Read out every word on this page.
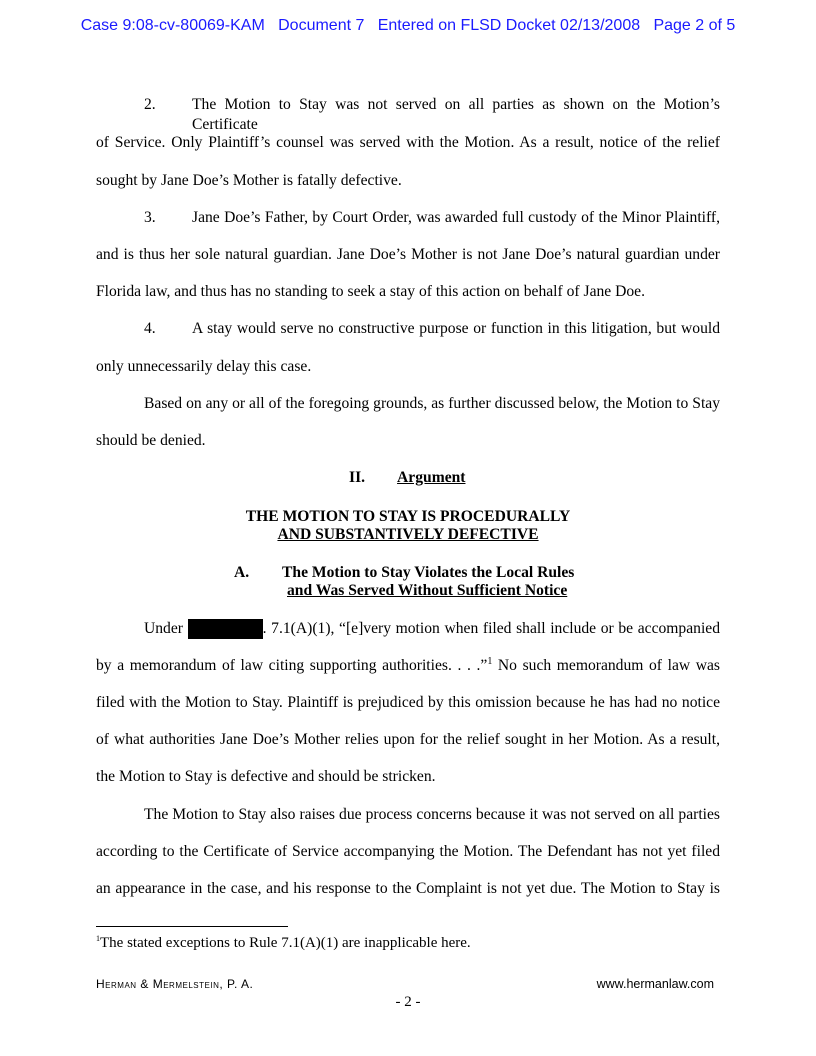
Case 9:08-cv-80069-KAM   Document 7   Entered on FLSD Docket 02/13/2008   Page 2 of 5
2.	The Motion to Stay was not served on all parties as shown on the Motion’s Certificate
of Service. Only Plaintiff’s counsel was served with the Motion. As a result, notice of the relief
sought by Jane Doe’s Mother is fatally defective.
3.	Jane Doe’s Father, by Court Order, was awarded full custody of the Minor Plaintiff,
and is thus her sole natural guardian. Jane Doe’s Mother is not Jane Doe’s natural guardian under
Florida law, and thus has no standing to seek a stay of this action on behalf of Jane Doe.
4.	A stay would serve no constructive purpose or function in this litigation, but would
only unnecessarily delay this case.
Based on any or all of the foregoing grounds, as further discussed below, the Motion to Stay
should be denied.
II. Argument
THE MOTION TO STAY IS PROCEDURALLY
AND SUBSTANTIVELY DEFECTIVE
A.	The Motion to Stay Violates the Local Rules
and Was Served Without Sufficient Notice
Under	. 7.1(A)(1), “[e]very motion when filed shall include or be accompanied
by a memorandum of law citing supporting authorities. . . .”$^1$ No such memorandum of law was
filed with the Motion to Stay. Plaintiff is prejudiced by this omission because he has had no notice
of what authorities Jane Doe’s Mother relies upon for the relief sought in her Motion. As a result,
the Motion to Stay is defective and should be stricken.
The Motion to Stay also raises due process concerns because it was not served on all parties
according to the Certificate of Service accompanying the Motion. The Defendant has not yet filed
an appearance in the case, and his response to the Complaint is not yet due. The Motion to Stay is
$^1$The stated exceptions to Rule 7.1(A)(1) are inapplicable here.
Herman & Mermelstein, P. A.	www.hermanlaw.com
- 2 -
